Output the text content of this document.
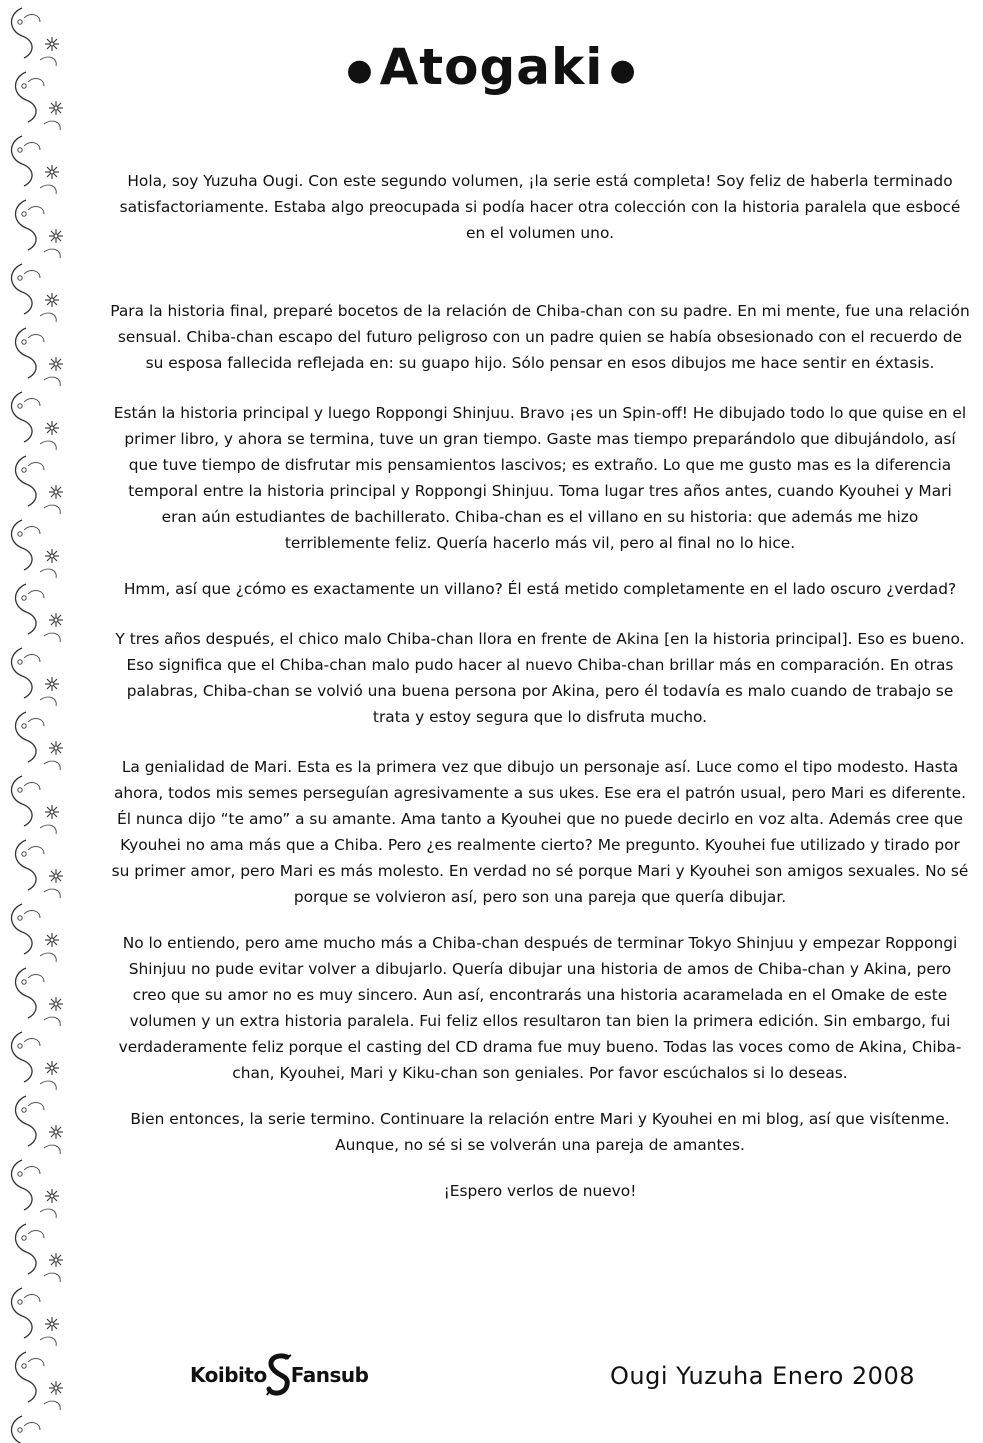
● Atogaki ●

Hola, soy Yuzuha Ougi. Con este segundo volumen, ¡la serie está completa! Soy feliz de haberla terminado satisfactoriamente. Estaba algo preocupada si podía hacer otra colección con la historia paralela que esbocé en el volumen uno.

Para la historia final, preparé bocetos de la relación de Chiba-chan con su padre. En mi mente, fue una relación sensual. Chiba-chan escapo del futuro peligroso con un padre quien se había obsesionado con el recuerdo de su esposa fallecida reflejada en: su guapo hijo. Sólo pensar en esos dibujos me hace sentir en éxtasis.

Están la historia principal y luego Roppongi Shinjuu. Bravo ¡es un Spin-off! He dibujado todo lo que quise en el primer libro, y ahora se termina, tuve un gran tiempo. Gaste mas tiempo preparándolo que dibujándolo, así que tuve tiempo de disfrutar mis pensamientos lascivos; es extraño. Lo que me gusto mas es la diferencia temporal entre la historia principal y Roppongi Shinjuu. Toma lugar tres años antes, cuando Kyouhei y Mari eran aún estudiantes de bachillerato. Chiba-chan es el villano en su historia: que además me hizo terriblemente feliz. Quería hacerlo más vil, pero al final no lo hice.

Hmm, así que ¿cómo es exactamente un villano? Él está metido completamente en el lado oscuro ¿verdad?

Y tres años después, el chico malo Chiba-chan llora en frente de Akina [en la historia principal]. Eso es bueno. Eso significa que el Chiba-chan malo pudo hacer al nuevo Chiba-chan brillar más en comparación. En otras palabras, Chiba-chan se volvió una buena persona por Akina, pero él todavía es malo cuando de trabajo se trata y estoy segura que lo disfruta mucho.

La genialidad de Mari. Esta es la primera vez que dibujo un personaje así. Luce como el tipo modesto. Hasta ahora, todos mis semes perseguían agresivamente a sus ukes. Ese era el patrón usual, pero Mari es diferente. Él nunca dijo “te amo” a su amante. Ama tanto a Kyouhei que no puede decirlo en voz alta. Además cree que Kyouhei no ama más que a Chiba. Pero ¿es realmente cierto? Me pregunto. Kyouhei fue utilizado y tirado por su primer amor, pero Mari es más molesto. En verdad no sé porque Mari y Kyouhei son amigos sexuales. No sé porque se volvieron así, pero son una pareja que quería dibujar.

No lo entiendo, pero ame mucho más a Chiba-chan después de terminar Tokyo Shinjuu y empezar Roppongi Shinjuu no pude evitar volver a dibujarlo. Quería dibujar una historia de amos de Chiba-chan y Akina, pero creo que su amor no es muy sincero. Aun así, encontrarás una historia acaramelada en el Omake de este volumen y un extra historia paralela. Fui feliz ellos resultaron tan bien la primera edición. Sin embargo, fui verdaderamente feliz porque el casting del CD drama fue muy bueno. Todas las voces como de Akina, Chiba-chan, Kyouhei, Mari y Kiku-chan son geniales. Por favor escúchalos si lo deseas.

Bien entonces, la serie termino. Continuare la relación entre Mari y Kyouhei en mi blog, así que visítenme. Aunque, no sé si se volverán una pareja de amantes.

¡Espero verlos de nuevo!

Koibito Fansub	Ougi Yuzuha Enero 2008
